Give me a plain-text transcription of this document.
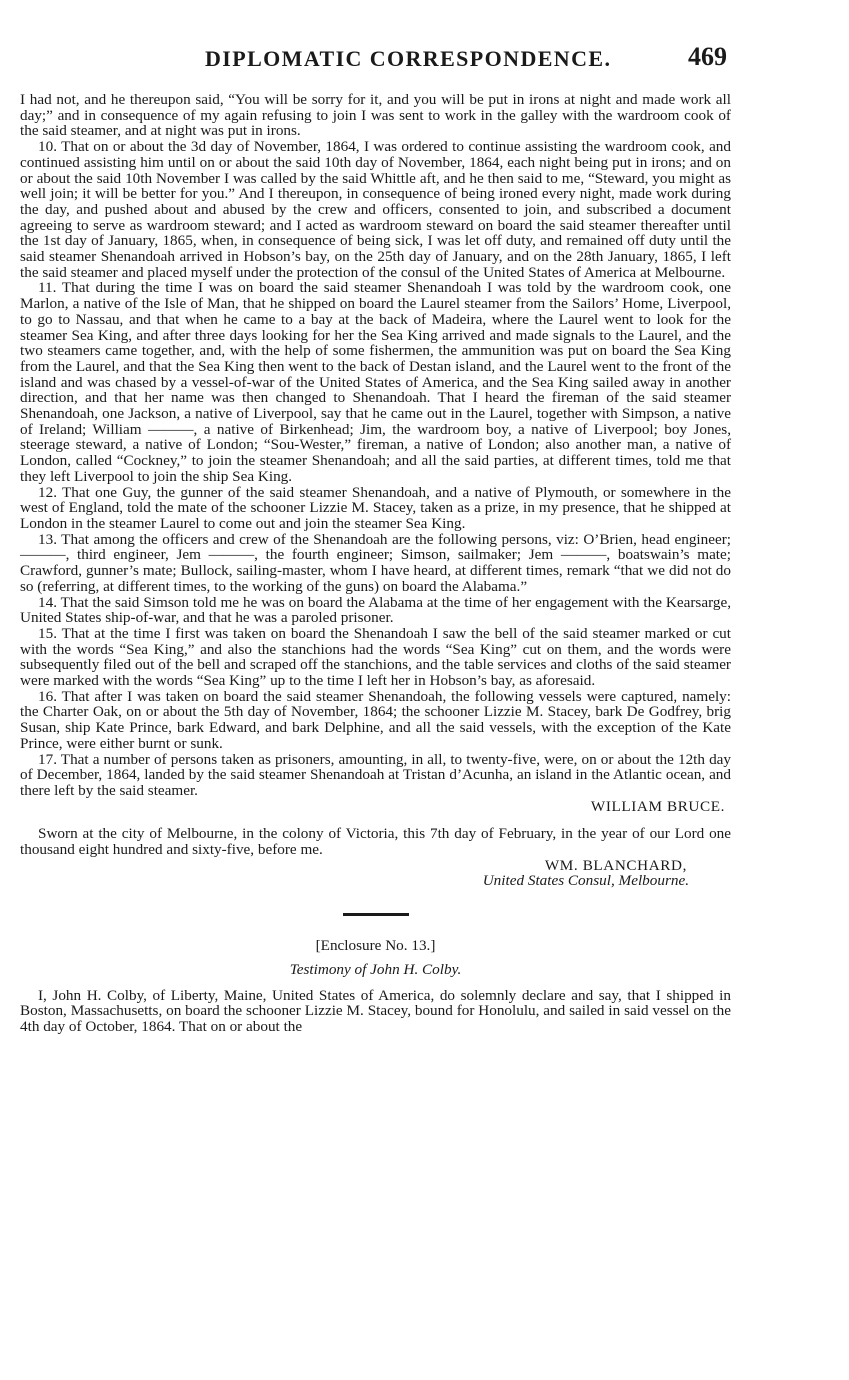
DIPLOMATIC CORRESPONDENCE.	469

I had not, and he thereupon said, “You will be sorry for it, and you will be put in irons at night and made work all day;” and in consequence of my again refusing to join I was sent to work in the galley with the wardroom cook of the said steamer, and at night was put in irons.

10. That on or about the 3d day of November, 1864, I was ordered to continue assisting the wardroom cook, and continued assisting him until on or about the said 10th day of November, 1864, each night being put in irons; and on or about the said 10th November I was called by the said Whittle aft, and he then said to me, “Steward, you might as well join; it will be better for you.” And I thereupon, in consequence of being ironed every night, made work during the day, and pushed about and abused by the crew and officers, consented to join, and subscribed a document agreeing to serve as wardroom steward; and I acted as wardroom steward on board the said steamer thereafter until the 1st day of January, 1865, when, in consequence of being sick, I was let off duty, and remained off duty until the said steamer Shenandoah arrived in Hobson’s bay, on the 25th day of January, and on the 28th January, 1865, I left the said steamer and placed myself under the protection of the consul of the United States of America at Melbourne.

11. That during the time I was on board the said steamer Shenandoah I was told by the wardroom cook, one Marlon, a native of the Isle of Man, that he shipped on board the Laurel steamer from the Sailors’ Home, Liverpool, to go to Nassau, and that when he came to a bay at the back of Madeira, where the Laurel went to look for the steamer Sea King, and after three days looking for her the Sea King arrived and made signals to the Laurel, and the two steamers came together, and, with the help of some fishermen, the ammunition was put on board the Sea King from the Laurel, and that the Sea King then went to the back of Destan island, and the Laurel went to the front of the island and was chased by a vessel-of-war of the United States of America, and the Sea King sailed away in another direction, and that her name was then changed to Shenandoah. That I heard the fireman of the said steamer Shenandoah, one Jackson, a native of Liverpool, say that he came out in the Laurel, together with Simpson, a native of Ireland; William ———, a native of Birkenhead; Jim, the wardroom boy, a native of Liverpool; boy Jones, steerage steward, a native of London; “Sou-Wester,” fireman, a native of London; also another man, a native of London, called “Cockney,” to join the steamer Shenandoah; and all the said parties, at different times, told me that they left Liverpool to join the ship Sea King.

12. That one Guy, the gunner of the said steamer Shenandoah, and a native of Plymouth, or somewhere in the west of England, told the mate of the schooner Lizzie M. Stacey, taken as a prize, in my presence, that he shipped at London in the steamer Laurel to come out and join the steamer Sea King.

13. That among the officers and crew of the Shenandoah are the following persons, viz: O’Brien, head engineer; ———, third engineer, Jem ———, the fourth engineer; Simson, sailmaker; Jem ———, boatswain’s mate; Crawford, gunner’s mate; Bullock, sailing-master, whom I have heard, at different times, remark “that we did not do so (referring, at different times, to the working of the guns) on board the Alabama.”

14. That the said Simson told me he was on board the Alabama at the time of her engagement with the Kearsarge, United States ship-of-war, and that he was a paroled prisoner.

15. That at the time I first was taken on board the Shenandoah I saw the bell of the said steamer marked or cut with the words “Sea King,” and also the stanchions had the words “Sea King” cut on them, and the words were subsequently filed out of the bell and scraped off the stanchions, and the table services and cloths of the said steamer were marked with the words “Sea King” up to the time I left her in Hobson’s bay, as aforesaid.

16. That after I was taken on board the said steamer Shenandoah, the following vessels were captured, namely: the Charter Oak, on or about the 5th day of November, 1864; the schooner Lizzie M. Stacey, bark De Godfrey, brig Susan, ship Kate Prince, bark Edward, and bark Delphine, and all the said vessels, with the exception of the Kate Prince, were either burnt or sunk.

17. That a number of persons taken as prisoners, amounting, in all, to twenty-five, were, on or about the 12th day of December, 1864, landed by the said steamer Shenandoah at Tristan d’Acunha, an island in the Atlantic ocean, and there left by the said steamer.

WILLIAM BRUCE.

Sworn at the city of Melbourne, in the colony of Victoria, this 7th day of February, in the year of our Lord one thousand eight hundred and sixty-five, before me.

WM. BLANCHARD,

United States Consul, Melbourne.

[Enclosure No. 13.]

Testimony of John H. Colby.

I, John H. Colby, of Liberty, Maine, United States of America, do solemnly declare and say, that I shipped in Boston, Massachusetts, on board the schooner Lizzie M. Stacey, bound for Honolulu, and sailed in said vessel on the 4th day of October, 1864. That on or about the
